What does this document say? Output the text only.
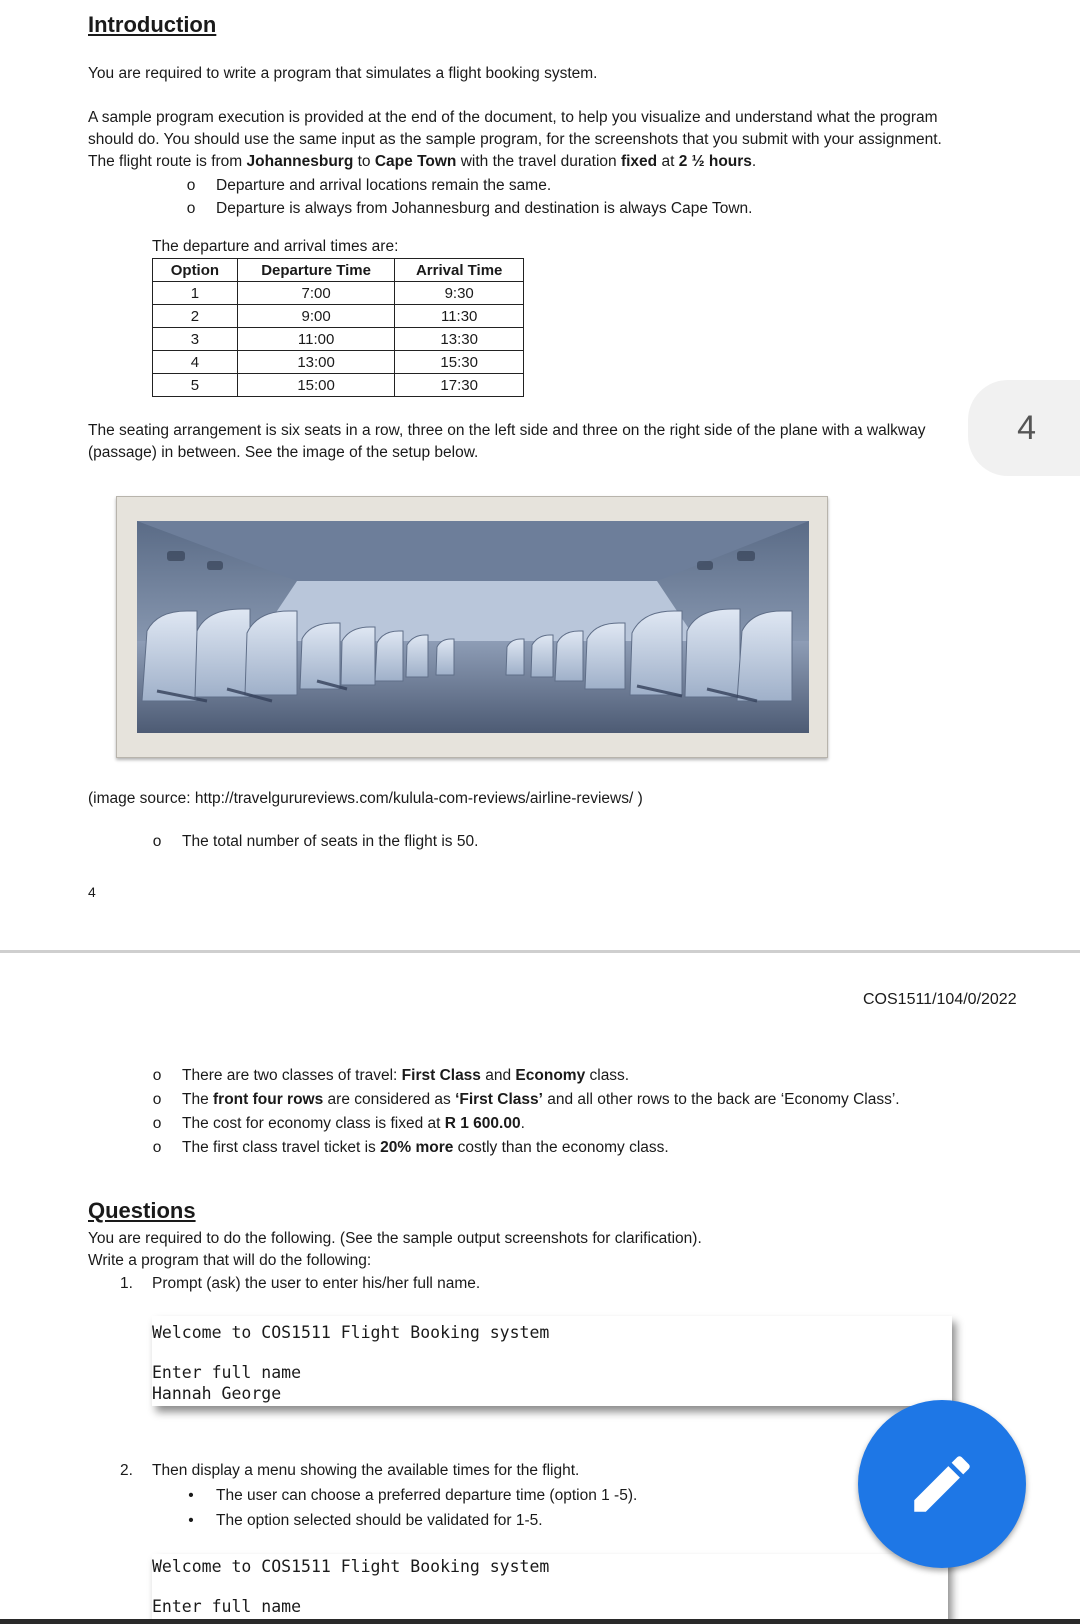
Introduction
You are required to write a program that simulates a flight booking system.
A sample program execution is provided at the end of the document, to help you visualize and understand what the program
should do. You should use the same input as the sample program, for the screenshots that you submit with your assignment.
The flight route is from Johannesburg to Cape Town with the travel duration fixed at 2 ½ hours.
o Departure and arrival locations remain the same.
o Departure is always from Johannesburg and destination is always Cape Town.
The departure and arrival times are:
Option	Departure Time	Arrival Time
1	7:00	9:30
2	9:00	11:30
3	11:00	13:30
4	13:00	15:30
5	15:00	17:30
The seating arrangement is six seats in a row, three on the left side and three on the right side of the plane with a walkway
(passage) in between. See the image of the setup below.
4
(image source: http://travelgurureviews.com/kulula-com-reviews/airline-reviews/ )
o The total number of seats in the flight is 50.
4
COS1511/104/0/2022
o There are two classes of travel: First Class and Economy class.
o The front four rows are considered as ‘First Class’ and all other rows to the back are ‘Economy Class’.
o The cost for economy class is fixed at R 1 600.00.
o The first class travel ticket is 20% more costly than the economy class.
Questions
You are required to do the following. (See the sample output screenshots for clarification).
Write a program that will do the following:
1. Prompt (ask) the user to enter his/her full name.
Welcome to COS1511 Flight Booking system
Enter full name
Hannah George
2. Then display a menu showing the available times for the flight.
• The user can choose a preferred departure time (option 1 -5).
• The option selected should be validated for 1-5.
Welcome to COS1511 Flight Booking system
Enter full name
